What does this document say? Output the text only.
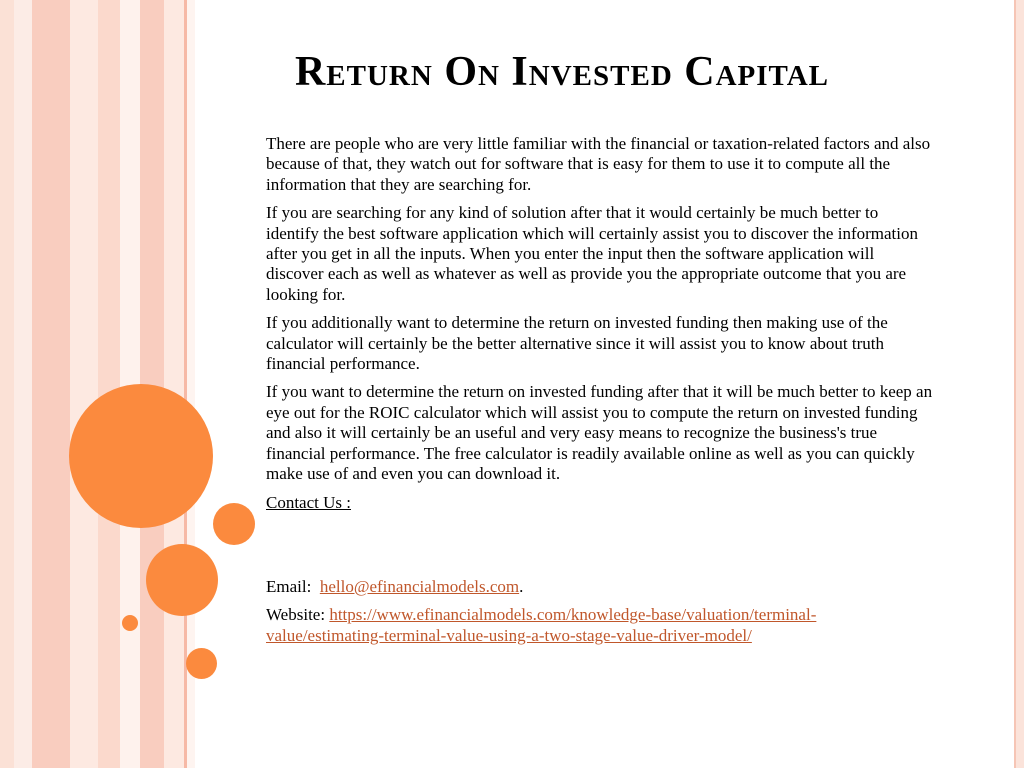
Return On Invested Capital

There are people who are very little familiar with the financial or taxation-related factors and also because of that, they watch out for software that is easy for them to use it to compute all the information that they are searching for.

If you are searching for any kind of solution after that it would certainly be much better to identify the best software application which will certainly assist you to discover the information after you get in all the inputs. When you enter the input then the software application will discover each as well as whatever as well as provide you the appropriate outcome that you are looking for.

If you additionally want to determine the return on invested funding then making use of the calculator will certainly be the better alternative since it will assist you to know about truth financial performance.

If you want to determine the return on invested funding after that it will be much better to keep an eye out for the ROIC calculator which will assist you to compute the return on invested funding and also it will certainly be an useful and very easy means to recognize the business's true financial performance. The free calculator is readily available online as well as you can quickly make use of and even you can download it.

Contact Us :

Email: hello@efinancialmodels.com.

Website: https://www.efinancialmodels.com/knowledge-base/valuation/terminal-value/estimating-terminal-value-using-a-two-stage-value-driver-model/
